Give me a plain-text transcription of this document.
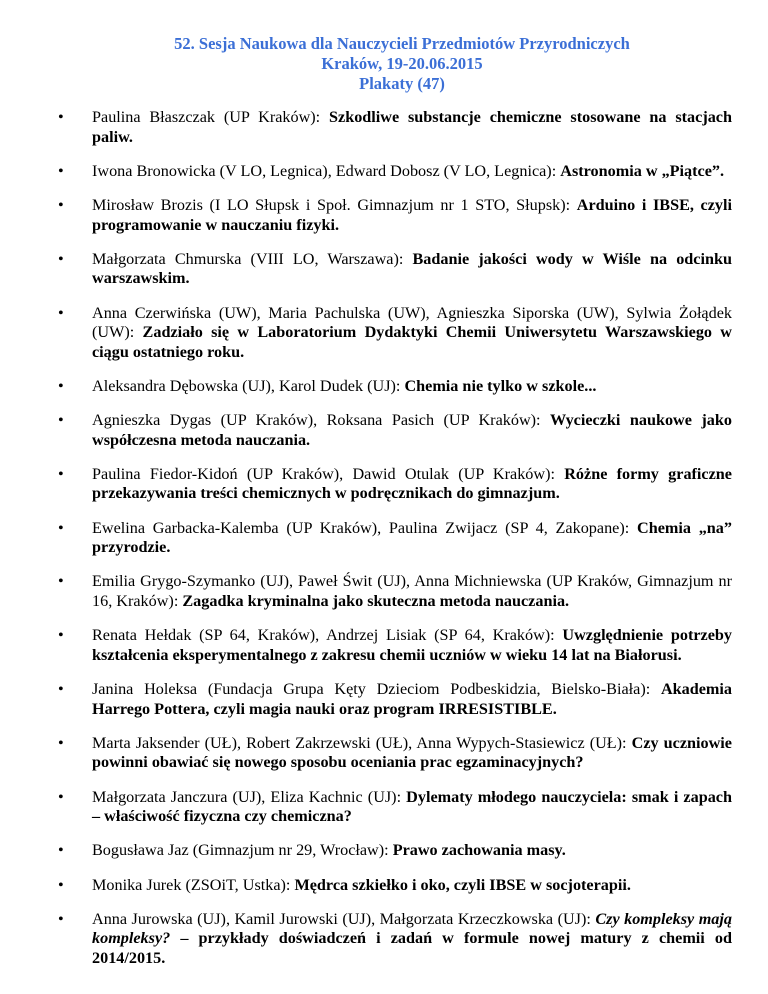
52. Sesja Naukowa dla Nauczycieli Przedmiotów Przyrodniczych
Kraków, 19-20.06.2015
Plakaty (47)
•	Paulina Błaszczak (UP Kraków): Szkodliwe substancje chemiczne stosowane na stacjach paliw.
•	Iwona Bronowicka (V LO, Legnica), Edward Dobosz (V LO, Legnica): Astronomia w „Piątce”.
•	Mirosław Brozis (I LO Słupsk i Społ. Gimnazjum nr 1 STO, Słupsk): Arduino i IBSE, czyli programowanie w nauczaniu fizyki.
•	Małgorzata Chmurska (VIII LO, Warszawa): Badanie jakości wody w Wiśle na odcinku warszawskim.
•	Anna Czerwińska (UW), Maria Pachulska (UW), Agnieszka Siporska (UW), Sylwia Żołądek (UW): Zadziało się w Laboratorium Dydaktyki Chemii Uniwersytetu Warszawskiego w ciągu ostatniego roku.
•	Aleksandra Dębowska (UJ), Karol Dudek (UJ): Chemia nie tylko w szkole...
•	Agnieszka Dygas (UP Kraków), Roksana Pasich (UP Kraków): Wycieczki naukowe jako współczesna metoda nauczania.
•	Paulina Fiedor-Kidoń (UP Kraków), Dawid Otulak (UP Kraków): Różne formy graficzne przekazywania treści chemicznych w podręcznikach do gimnazjum.
•	Ewelina Garbacka-Kalemba (UP Kraków), Paulina Zwijacz (SP 4, Zakopane): Chemia „na” przyrodzie.
•	Emilia Grygo-Szymanko (UJ), Paweł Świt (UJ), Anna Michniewska (UP Kraków, Gimnazjum nr 16, Kraków): Zagadka kryminalna jako skuteczna metoda nauczania.
•	Renata Hełdak (SP 64, Kraków), Andrzej Lisiak (SP 64, Kraków): Uwzględnienie potrzeby kształcenia eksperymentalnego z zakresu chemii uczniów w wieku 14 lat na Białorusi.
•	Janina Holeksa (Fundacja Grupa Kęty Dzieciom Podbeskidzia, Bielsko-Biała): Akademia Harrego Pottera, czyli magia nauki oraz program IRRESISTIBLE.
•	Marta Jaksender (UŁ), Robert Zakrzewski (UŁ), Anna Wypych-Stasiewicz (UŁ): Czy uczniowie powinni obawiać się nowego sposobu oceniania prac egzaminacyjnych?
•	Małgorzata Janczura (UJ), Eliza Kachnic (UJ): Dylematy młodego nauczyciela: smak i zapach – właściwość fizyczna czy chemiczna?
•	Bogusława Jaz (Gimnazjum nr 29, Wrocław): Prawo zachowania masy.
•	Monika Jurek (ZSOiT, Ustka): Mędrca szkiełko i oko, czyli IBSE w socjoterapii.
•	Anna Jurowska (UJ), Kamil Jurowski (UJ), Małgorzata Krzeczkowska (UJ): Czy kompleksy mają kompleksy? – przykłady doświadczeń i zadań w formule nowej matury z chemii od 2014/2015.
